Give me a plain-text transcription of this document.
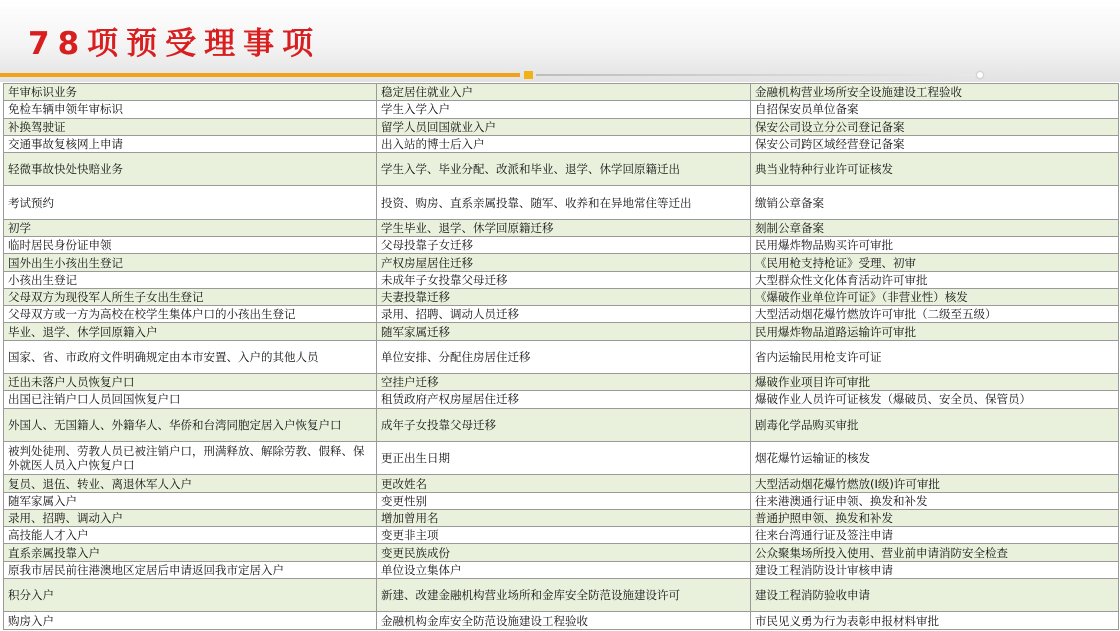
78项预受理事项
年审标识业务	稳定居住就业入户	金融机构营业场所安全设施建设工程验收
免检车辆申领年审标识	学生入学入户	自招保安员单位备案
补换驾驶证	留学人员回国就业入户	保安公司设立分公司登记备案
交通事故复核网上申请	出入站的博士后入户	保安公司跨区域经营登记备案
轻微事故快处快赔业务	学生入学、毕业分配、改派和毕业、退学、休学回原籍迁出	典当业特种行业许可证核发
考试预约	投资、购房、直系亲属投靠、随军、收养和在异地常住等迁出	缴销公章备案
初学	学生毕业、退学、休学回原籍迁移	刻制公章备案
临时居民身份证申领	父母投靠子女迁移	民用爆炸物品购买许可审批
国外出生小孩出生登记	产权房屋居住迁移	《民用枪支持枪证》受理、初审
小孩出生登记	未成年子女投靠父母迁移	大型群众性文化体育活动许可审批
父母双方为现役军人所生子女出生登记	夫妻投靠迁移	《爆破作业单位许可证》（非营业性）核发
父母双方或一方为高校在校学生集体户口的小孩出生登记	录用、招聘、调动人员迁移	大型活动烟花爆竹燃放许可审批（二级至五级）
毕业、退学、休学回原籍入户	随军家属迁移	民用爆炸物品道路运输许可审批
国家、省、市政府文件明确规定由本市安置、入户的其他人员	单位安排、分配住房居住迁移	省内运输民用枪支许可证
迁出未落户人员恢复户口	空挂户迁移	爆破作业项目许可审批
出国已注销户口人员回国恢复户口	租赁政府产权房屋居住迁移	爆破作业人员许可证核发（爆破员、安全员、保管员）
外国人、无国籍人、外籍华人、华侨和台湾同胞定居入户恢复户口	成年子女投靠父母迁移	剧毒化学品购买审批
被判处徒刑、劳教人员已被注销户口，刑满释放、解除劳教、假释、保外就医人员入户恢复户口	更正出生日期	烟花爆竹运输证的核发
复员、退伍、转业、离退休军人入户	更改姓名	大型活动烟花爆竹燃放(I级)许可审批
随军家属入户	变更性别	往来港澳通行证申领、换发和补发
录用、招聘、调动入户	增加曾用名	普通护照申领、换发和补发
高技能人才入户	变更非主项	往来台湾通行证及签注申请
直系亲属投靠入户	变更民族成份	公众聚集场所投入使用、营业前申请消防安全检查
原我市居民前往港澳地区定居后申请返回我市定居入户	单位设立集体户	建设工程消防设计审核申请
积分入户	新建、改建金融机构营业场所和金库安全防范设施建设许可	建设工程消防验收申请
购房入户	金融机构金库安全防范设施建设工程验收	市民见义勇为行为表彰申报材料审批
